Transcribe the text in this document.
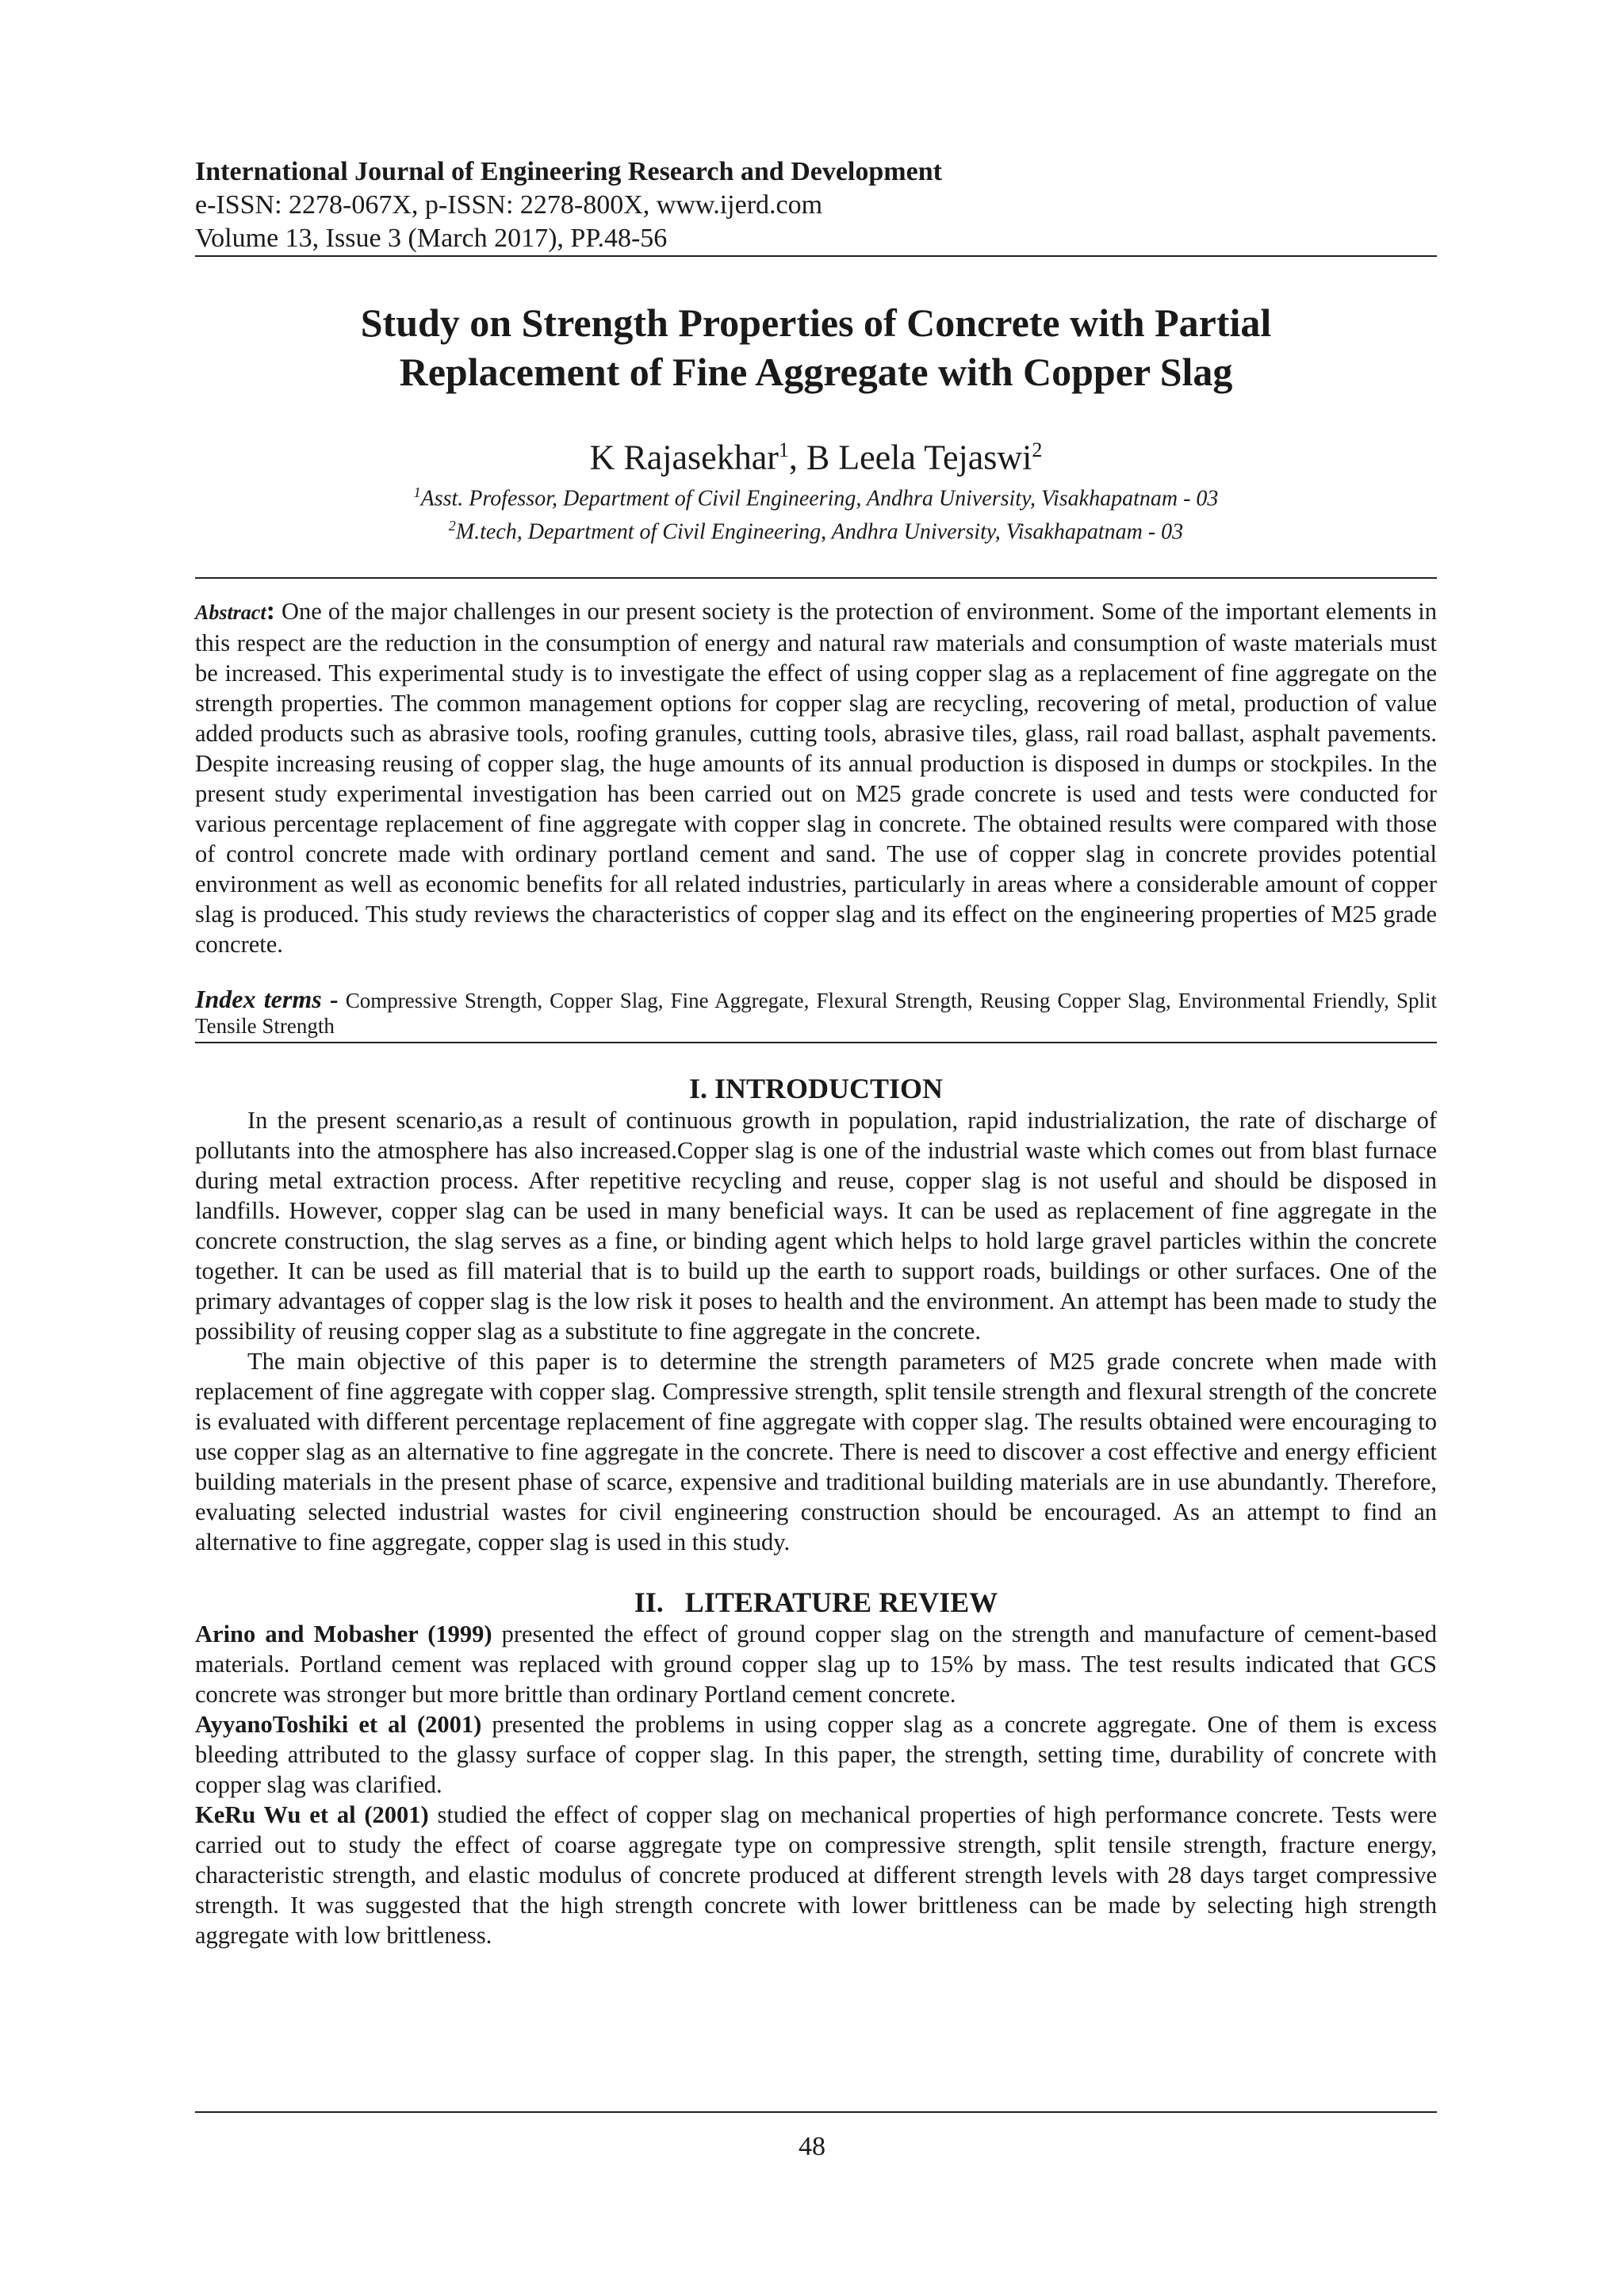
International Journal of Engineering Research and Development
e-ISSN: 2278-067X, p-ISSN: 2278-800X, www.ijerd.com
Volume 13, Issue 3 (March 2017), PP.48-56
Study on Strength Properties of Concrete with Partial
Replacement of Fine Aggregate with Copper Slag
K Rajasekhar$^1$, B Leela Tejaswi$^2$
$^1$Asst. Professor, Department of Civil Engineering, Andhra University, Visakhapatnam - 03
$^2$M.tech, Department of Civil Engineering, Andhra University, Visakhapatnam - 03

Abstract: One of the major challenges in our present society is the protection of environment. Some of the important elements in this respect are the reduction in the consumption of energy and natural raw materials and consumption of waste materials must be increased. This experimental study is to investigate the effect of using copper slag as a replacement of fine aggregate on the strength properties. The common management options for copper slag are recycling, recovering of metal, production of value added products such as abrasive tools, roofing granules, cutting tools, abrasive tiles, glass, rail road ballast, asphalt pavements. Despite increasing reusing of copper slag, the huge amounts of its annual production is disposed in dumps or stockpiles. In the present study experimental investigation has been carried out on M25 grade concrete is used and tests were conducted for various percentage replacement of fine aggregate with copper slag in concrete. The obtained results were compared with those of control concrete made with ordinary portland cement and sand. The use of copper slag in concrete provides potential environment as well as economic benefits for all related industries, particularly in areas where a considerable amount of copper slag is produced. This study reviews the characteristics of copper slag and its effect on the engineering properties of M25 grade concrete.

Index terms - Compressive Strength, Copper Slag, Fine Aggregate, Flexural Strength, Reusing Copper Slag, Environmental Friendly, Split Tensile Strength
I. INTRODUCTION

In the present scenario,as a result of continuous growth in population, rapid industrialization, the rate of discharge of pollutants into the atmosphere has also increased.Copper slag is one of the industrial waste which comes out from blast furnace during metal extraction process. After repetitive recycling and reuse, copper slag is not useful and should be disposed in landfills. However, copper slag can be used in many beneficial ways. It can be used as replacement of fine aggregate in the concrete construction, the slag serves as a fine, or binding agent which helps to hold large gravel particles within the concrete together. It can be used as fill material that is to build up the earth to support roads, buildings or other surfaces. One of the primary advantages of copper slag is the low risk it poses to health and the environment. An attempt has been made to study the possibility of reusing copper slag as a substitute to fine aggregate in the concrete.

The main objective of this paper is to determine the strength parameters of M25 grade concrete when made with replacement of fine aggregate with copper slag. Compressive strength, split tensile strength and flexural strength of the concrete is evaluated with different percentage replacement of fine aggregate with copper slag. The results obtained were encouraging to use copper slag as an alternative to fine aggregate in the concrete. There is need to discover a cost effective and energy efficient building materials in the present phase of scarce, expensive and traditional building materials are in use abundantly. Therefore, evaluating selected industrial wastes for civil engineering construction should be encouraged. As an attempt to find an alternative to fine aggregate, copper slag is used in this study.

II.   LITERATURE REVIEW

Arino and Mobasher (1999) presented the effect of ground copper slag on the strength and manufacture of cement-based materials. Portland cement was replaced with ground copper slag up to 15% by mass. The test results indicated that GCS concrete was stronger but more brittle than ordinary Portland cement concrete.

AyyanoToshiki et al (2001) presented the problems in using copper slag as a concrete aggregate. One of them is excess bleeding attributed to the glassy surface of copper slag. In this paper, the strength, setting time, durability of concrete with copper slag was clarified.

KeRu Wu et al (2001) studied the effect of copper slag on mechanical properties of high performance concrete. Tests were carried out to study the effect of coarse aggregate type on compressive strength, split tensile strength, fracture energy, characteristic strength, and elastic modulus of concrete produced at different strength levels with 28 days target compressive strength. It was suggested that the high strength concrete with lower brittleness can be made by selecting high strength aggregate with low brittleness.

48
